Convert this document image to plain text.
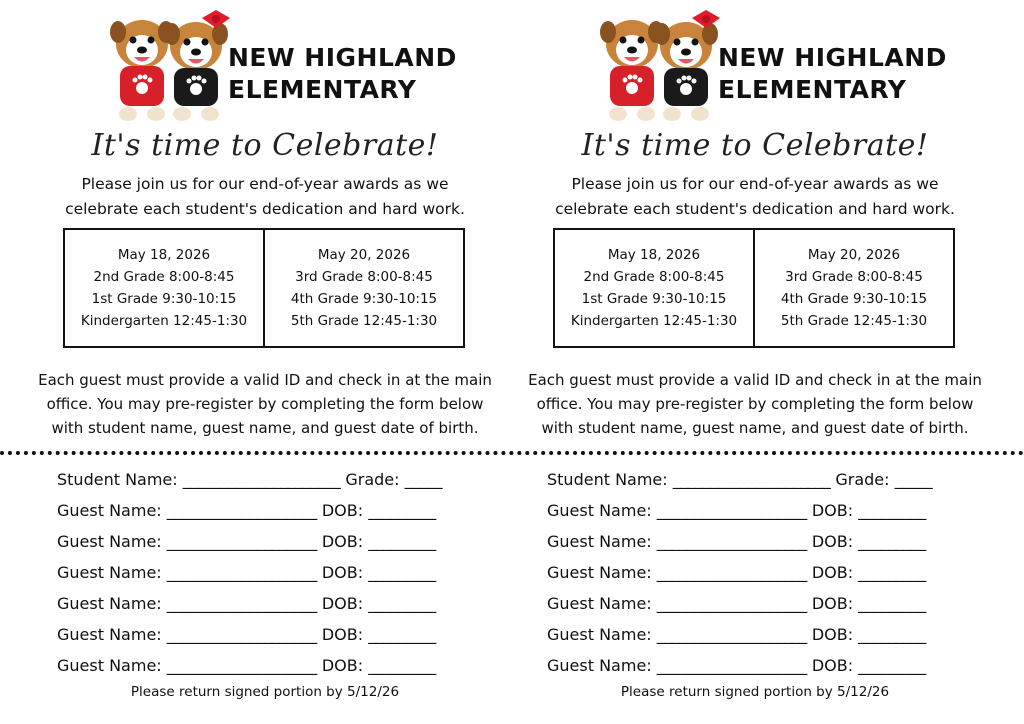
NEW HIGHLAND
ELEMENTARY
It's time to Celebrate!
Please join us for our end-of-year awards as we
celebrate each student's dedication and hard work.
May 18, 2026
2nd Grade 8:00-8:45
1st Grade 9:30-10:15
Kindergarten 12:45-1:30
May 20, 2026
3rd Grade 8:00-8:45
4th Grade 9:30-10:15
5th Grade 12:45-1:30
Each guest must provide a valid ID and check in at the main
office. You may pre-register by completing the form below
with student name, guest name, and guest date of birth.
Student Name: _____________________ Grade: _____
Guest Name: ____________________ DOB: _________
Guest Name: ____________________ DOB: _________
Guest Name: ____________________ DOB: _________
Guest Name: ____________________ DOB: _________
Guest Name: ____________________ DOB: _________
Guest Name: ____________________ DOB: _________
Please return signed portion by 5/12/26
NEW HIGHLAND
ELEMENTARY
It's time to Celebrate!
Please join us for our end-of-year awards as we
celebrate each student's dedication and hard work.
May 18, 2026
2nd Grade 8:00-8:45
1st Grade 9:30-10:15
Kindergarten 12:45-1:30
May 20, 2026
3rd Grade 8:00-8:45
4th Grade 9:30-10:15
5th Grade 12:45-1:30
Each guest must provide a valid ID and check in at the main
office. You may pre-register by completing the form below
with student name, guest name, and guest date of birth.
Student Name: _____________________ Grade: _____
Guest Name: ____________________ DOB: _________
Guest Name: ____________________ DOB: _________
Guest Name: ____________________ DOB: _________
Guest Name: ____________________ DOB: _________
Guest Name: ____________________ DOB: _________
Guest Name: ____________________ DOB: _________
Please return signed portion by 5/12/26
